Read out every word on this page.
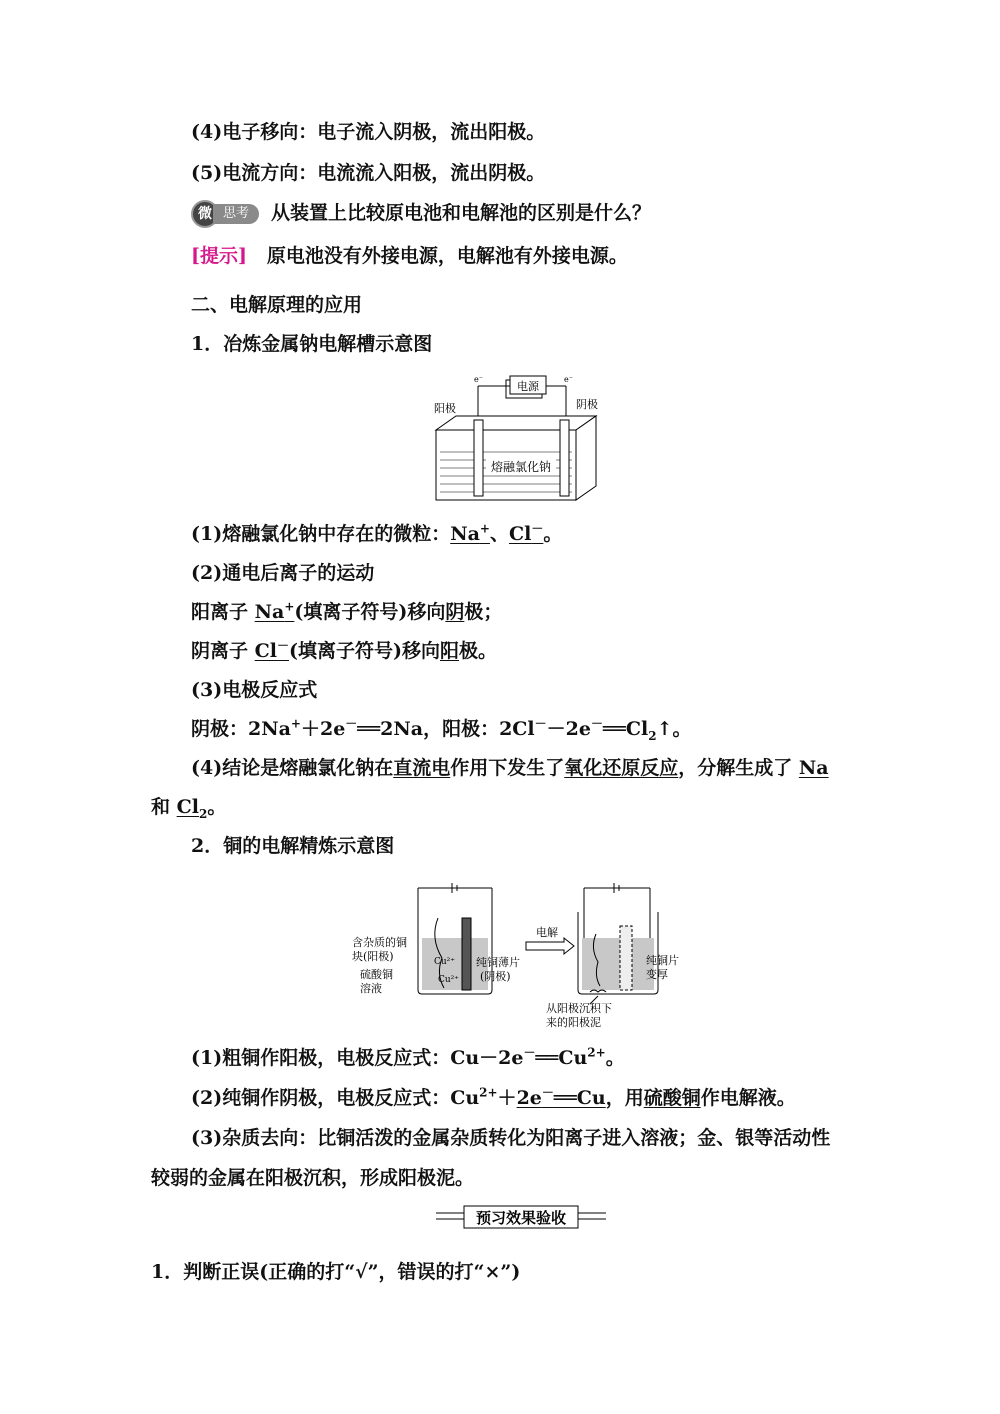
(4)电子移向：电子流入阴极，流出阳极。
(5)电流方向：电流流入阳极，流出阴极。
微 思考	从装置上比较原电池和电解池的区别是什么？
[提示] 原电池没有外接电源，电解池有外接电源。
二、电解原理的应用
1．冶炼金属钠电解槽示意图
电源
e⁻	e⁻
阳极	阴极
熔融氯化钠
(1)熔融氯化钠中存在的微粒：Na+、Cl－。
(2)通电后离子的运动
阳离子 Na+(填离子符号)移向阴极；
阴离子 Cl－(填离子符号)移向阳极。
(3)电极反应式
阴极：2Na+＋2e－══2Na，阳极：$2Cl^--2e^-══Cl_2↑$。
(4)结论是熔融氯化钠在直流电作用下发生了氧化还原反应，分解生成了 Na
和 $Cl_2$。
2．铜的电解精炼示意图
Cu²⁺
Cu²⁺
含杂质的铜
块(阳极)
硫酸铜
溶液
纯铜薄片
(阴极)
电解
纯铜片
变厚
从阳极沉积下
来的阳极泥
(1)粗铜作阳极，电极反应式：$Cu-2e^-══Cu^{2+}$。
(2)纯铜作阴极，电极反应式：$Cu^{2+}+2e^-══Cu$，用硫酸铜作电解液。
(3)杂质去向：比铜活泼的金属杂质转化为阳离子进入溶液；金、银等活动性
较弱的金属在阳极沉积，形成阳极泥。
预习效果验收
1．判断正误(正确的打“√”，错误的打“×”)
